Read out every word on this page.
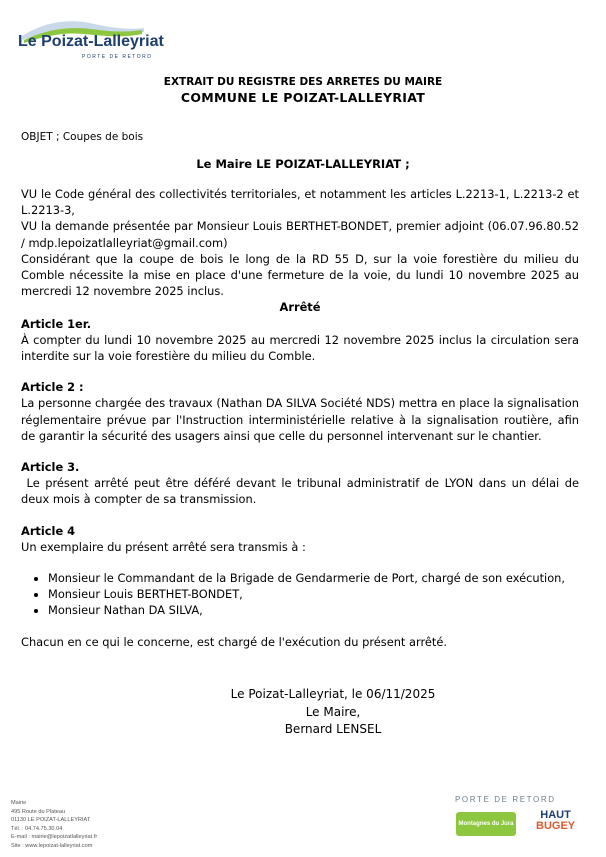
Le Poizat-Lalleyriat
PORTE DE RETORD
EXTRAIT DU REGISTRE DES ARRETES DU MAIRE
COMMUNE LE POIZAT-LALLEYRIAT
OBJET ; Coupes de bois
Le Maire LE POIZAT-LALLEYRIAT ;

VU le Code général des collectivités territoriales, et notamment les articles L.2213-1, L.2213-2 et L.2213-3,

VU la demande présentée par Monsieur Louis BERTHET-BONDET, premier adjoint (06.07.96.80.52 / mdp.lepoizatlalleyriat@gmail.com)

Considérant que la coupe de bois le long de la RD 55 D, sur la voie forestière du milieu du Comble nécessite la mise en place d'une fermeture de la voie, du lundi 10 novembre 2025 au mercredi 12 novembre 2025 inclus.

Arrêté

Article 1er.

À compter du lundi 10 novembre 2025 au mercredi 12 novembre 2025 inclus la circulation sera interdite sur la voie forestière du milieu du Comble.

Article 2 :

La personne chargée des travaux (Nathan DA SILVA Société NDS) mettra en place la signalisation réglementaire prévue par l'Instruction interministérielle relative à la signalisation routière, afin de garantir la sécurité des usagers ainsi que celle du personnel intervenant sur le chantier.

Article 3.

Le présent arrêté peut être déféré devant le tribunal administratif de LYON dans un délai de deux mois à compter de sa transmission.

Article 4

Un exemplaire du présent arrêté sera transmis à :

• Monsieur le Commandant de la Brigade de Gendarmerie de Port, chargé de son exécution,
• Monsieur Louis BERTHET-BONDET,
• Monsieur Nathan DA SILVA,

Chacun en ce qui le concerne, est chargé de l'exécution du présent arrêté.

Le Poizat-Lalleyriat, le 06/11/2025
Le Maire,
Bernard LENSEL
Mairie
495 Route du Plateau
01130 LE POIZAT-LALLEYRIAT
Tél. : 04.74.75.30.04
E-mail : mairie@lepoizatlalleyriat.fr
Site : www.lepoizat-lalleyriat.com
PORTE DE RETORD
Montagnes du Jura
HAUT
BUGEY
